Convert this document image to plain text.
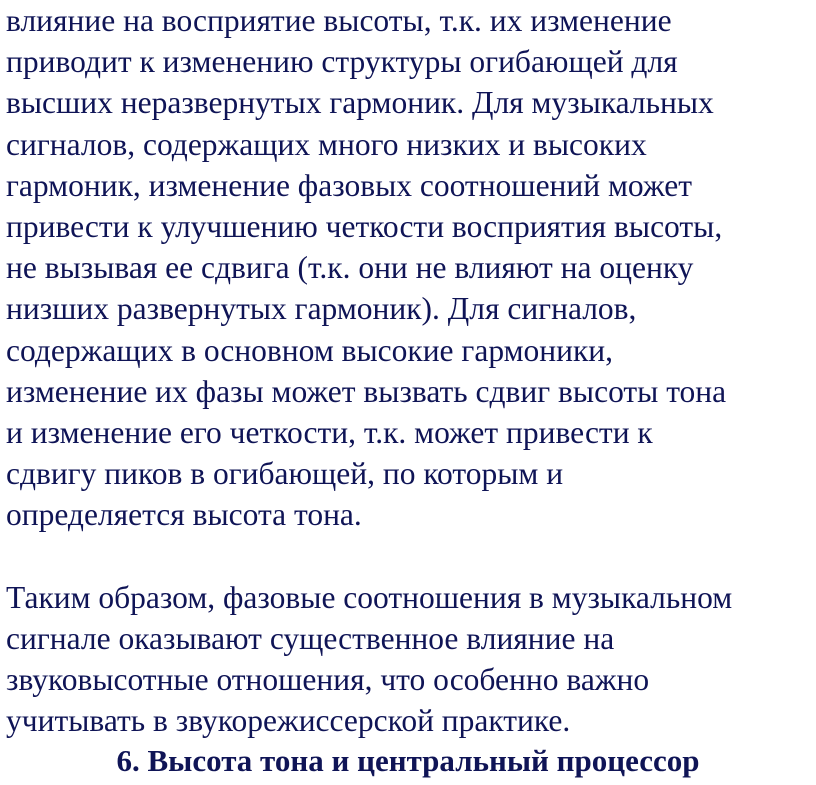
влияние на восприятие высоты, т.к. их изменение
приводит к изменению структуры огибающей для
высших неразвернутых гармоник. Для музыкальных
сигналов, содержащих много низких и высоких
гармоник, изменение фазовых соотношений может
привести к улучшению четкости восприятия высоты,
не вызывая ее сдвига (т.к. они не влияют на оценку
низших развернутых гармоник). Для сигналов,
содержащих в основном высокие гармоники,
изменение их фазы может вызвать сдвиг высоты тона
и изменение его четкости, т.к. может привести к
сдвигу пиков в огибающей, по которым и
определяется высота тона.
Таким образом, фазовые соотношения в музыкальном
сигнале оказывают существенное влияние на
звуковысотные отношения, что особенно важно
учитывать в звукорежиссерской практике.
6. Высота тона и центральный процессор
